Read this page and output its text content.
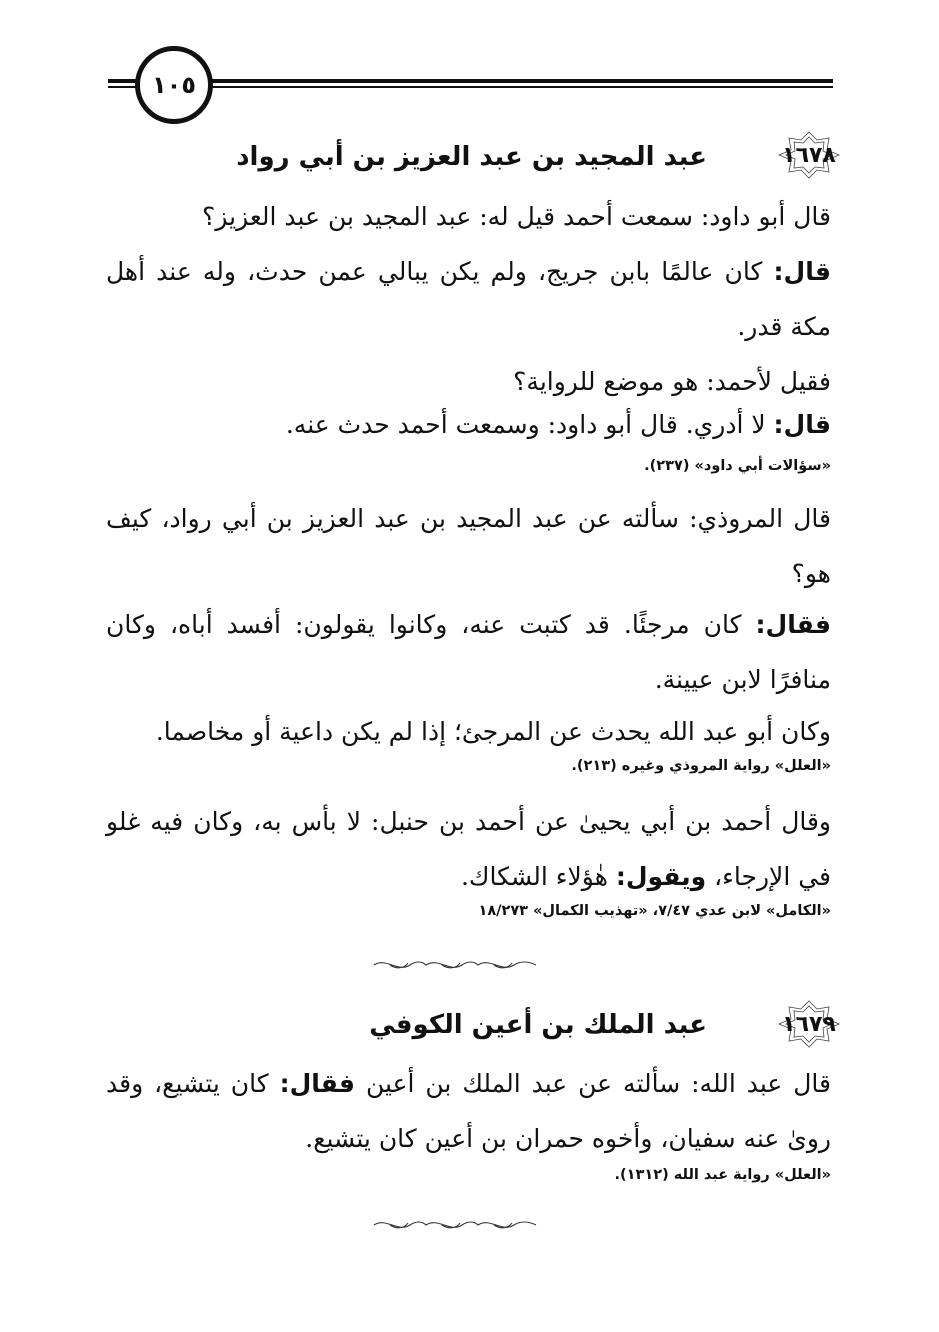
١٠٥
١٦٧٨
عبد المجيد بن عبد العزيز بن أبي رواد
قال أبو داود: سمعت أحمد قيل له: عبد المجيد بن عبد العزيز؟
قال: كان عالمًا بابن جريج، ولم يكن يبالي عمن حدث، وله عند أهل مكة قدر.
فقيل لأحمد: هو موضع للرواية؟
قال: لا أدري. قال أبو داود: وسمعت أحمد حدث عنه.
«سؤالات أبي داود» (٢٣٧).
قال المروذي: سألته عن عبد المجيد بن عبد العزيز بن أبي رواد، كيف هو؟
فقال: كان مرجئًا. قد كتبت عنه، وكانوا يقولون: أفسد أباه، وكان منافرًا لابن عيينة.
وكان أبو عبد الله يحدث عن المرجئ؛ إذا لم يكن داعية أو مخاصما.
«العلل» رواية المروذي وغيره (٢١٣).
وقال أحمد بن أبي يحيىٰ عن أحمد بن حنبل: لا بأس به، وكان فيه غلو في الإرجاء، ويقول: هٰؤلاء الشكاك.
«الكامل» لابن عدي ٧/٤٧، «تهذيب الكمال» ١٨/٢٧٣
١٦٧٩
عبد الملك بن أعين الكوفي
قال عبد الله: سألته عن عبد الملك بن أعين فقال: كان يتشيع، وقد رویٰ عنه سفيان، وأخوه حمران بن أعين كان يتشيع.
«العلل» رواية عبد الله (١٣١٢).
